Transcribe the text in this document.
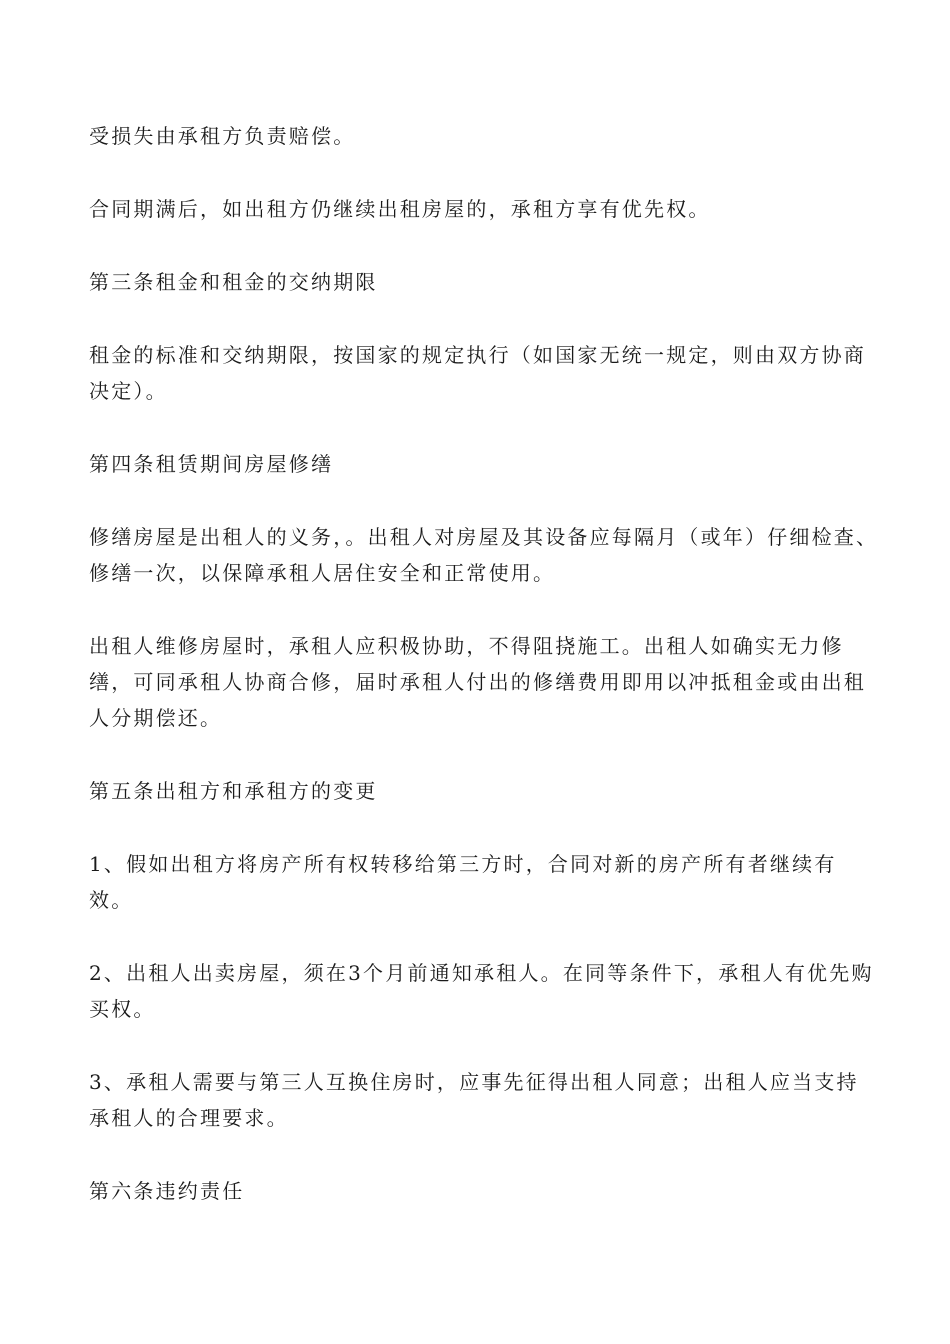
受损失由承租方负责赔偿。

合同期满后，如出租方仍继续出租房屋的，承租方享有优先权。

第三条租金和租金的交纳期限

租金的标准和交纳期限，按国家的规定执行（如国家无统一规定，则由双方协商决定）。

第四条租赁期间房屋修缮

修缮房屋是出租人的义务，。出租人对房屋及其设备应每隔月（或年）仔细检查、修缮一次，以保障承租人居住安全和正常使用。

出租人维修房屋时，承租人应积极协助，不得阻挠施工。出租人如确实无力修缮，可同承租人协商合修，届时承租人付出的修缮费用即用以冲抵租金或由出租人分期偿还。

第五条出租方和承租方的变更

1、假如出租方将房产所有权转移给第三方时，合同对新的房产所有者继续有效。

2、出租人出卖房屋，须在3个月前通知承租人。在同等条件下，承租人有优先购买权。

3、承租人需要与第三人互换住房时，应事先征得出租人同意；出租人应当支持承租人的合理要求。

第六条违约责任
